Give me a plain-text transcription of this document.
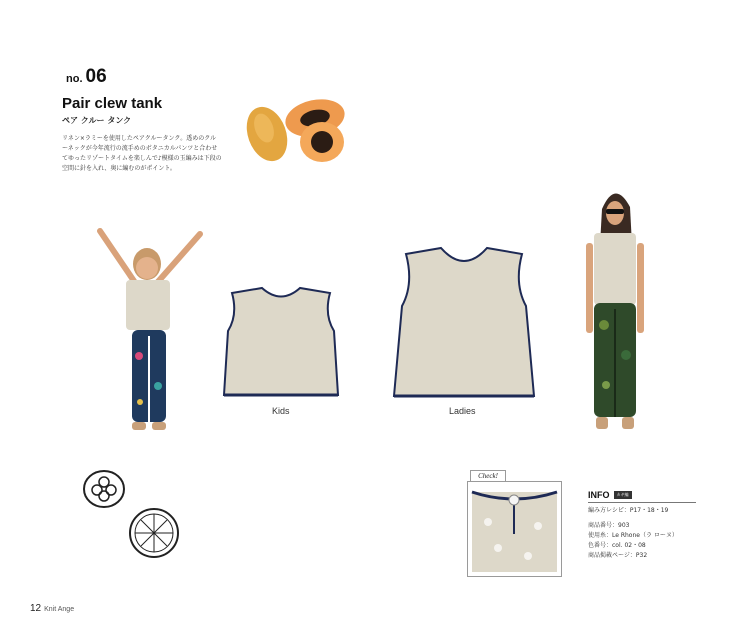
no. 06
Pair clew tank
ペア クルー タンク
リネン×ラミーを使用したペアクルータンク。透めのクルーネックが今年流行の流手めのボタニカルパンツと合わせてゆったリゾートタイムを楽しんで♪模様の玉編みは下段の空間に針を入れ、奥に編むのがポイント。
Kids	Ladies
Check!
INFO	カギ編
編み方レシピ：P17・18・19
商品番号：903
使用糸：Le Rhone（ラ ローヌ）
色番号：col. 02・08
商品掲載ページ：P32
12 Knit Ange
